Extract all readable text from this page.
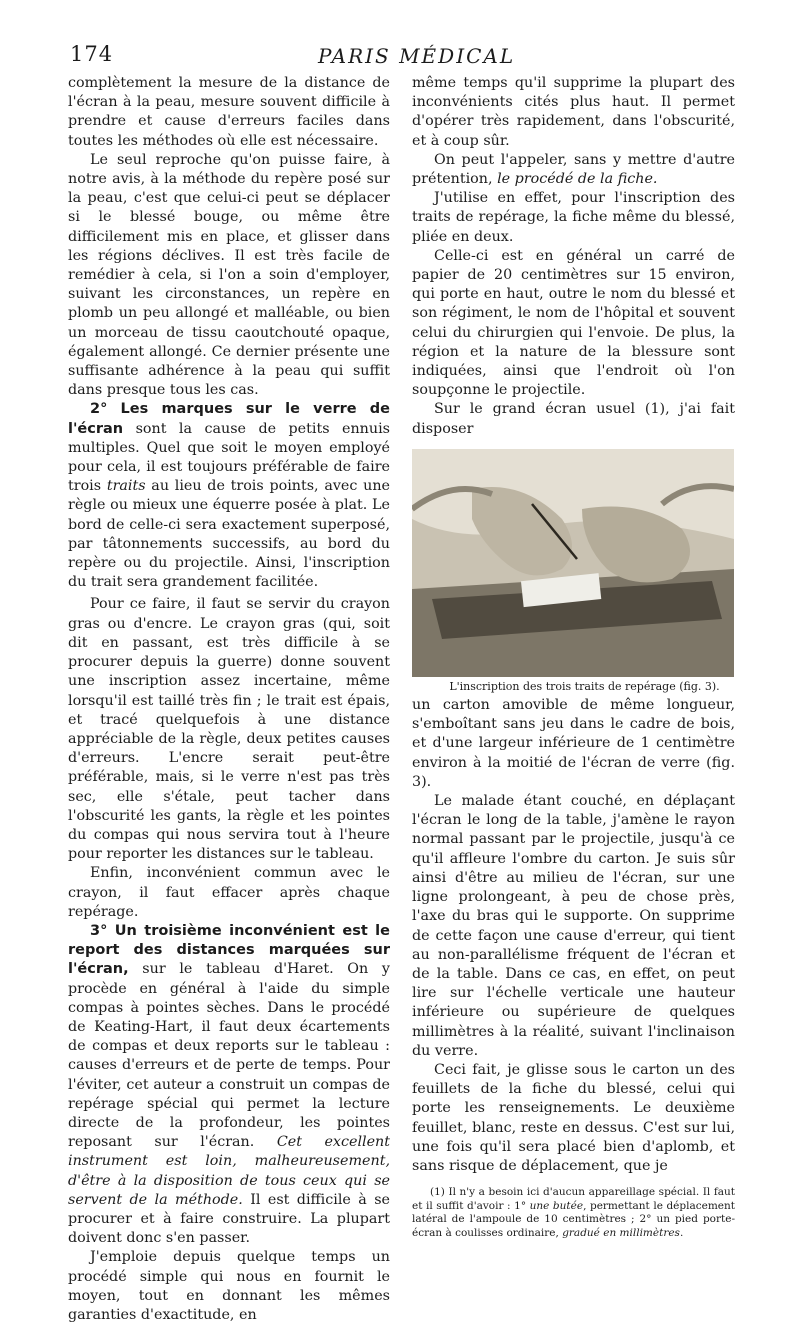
174	PARIS MÉDICAL

complètement la mesure de la distance de l'écran à la peau, mesure souvent difficile à prendre et cause d'erreurs faciles dans toutes les méthodes où elle est nécessaire.

Le seul reproche qu'on puisse faire, à notre avis, à la méthode du repère posé sur la peau, c'est que celui-ci peut se déplacer si le blessé bouge, ou même être difficilement mis en place, et glisser dans les régions déclives. Il est très facile de remédier à cela, si l'on a soin d'employer, suivant les circonstances, un repère en plomb un peu allongé et malléable, ou bien un morceau de tissu caoutchouté opaque, également allongé. Ce dernier présente une suffisante adhérence à la peau qui suffit dans presque tous les cas.

2° Les marques sur le verre de l'écran sont la cause de petits ennuis multiples. Quel que soit le moyen employé pour cela, il est toujours préférable de faire trois traits au lieu de trois points, avec une règle ou mieux une équerre posée à plat. Le bord de celle-ci sera exactement superposé, par tâtonnements successifs, au bord du repère ou du projectile. Ainsi, l'inscription du trait sera grandement facilitée.

Pour ce faire, il faut se servir du crayon gras ou d'encre. Le crayon gras (qui, soit dit en passant, est très difficile à se procurer depuis la guerre) donne souvent une inscription assez incertaine, même lorsqu'il est taillé très fin ; le trait est épais, et tracé quelquefois à une distance appréciable de la règle, deux petites causes d'erreurs. L'encre serait peut-être préférable, mais, si le verre n'est pas très sec, elle s'étale, peut tacher dans l'obscurité les gants, la règle et les pointes du compas qui nous servira tout à l'heure pour reporter les distances sur le tableau.

Enfin, inconvénient commun avec le crayon, il faut effacer après chaque repérage.

3° Un troisième inconvénient est le report des distances marquées sur l'écran, sur le tableau d'Haret. On y procède en général à l'aide du simple compas à pointes sèches. Dans le procédé de Keating-Hart, il faut deux écartements de compas et deux reports sur le tableau : causes d'erreurs et de perte de temps. Pour l'éviter, cet auteur a construit un compas de repérage spécial qui permet la lecture directe de la profondeur, les pointes reposant sur l'écran. Cet excellent instrument est loin, malheureusement, d'être à la disposition de tous ceux qui se servent de la méthode. Il est difficile à se procurer et à faire construire. La plupart doivent donc s'en passer.

J'emploie depuis quelque temps un procédé simple qui nous en fournit le moyen, tout en donnant les mêmes garanties d'exactitude, en

même temps qu'il supprime la plupart des inconvénients cités plus haut. Il permet d'opérer très rapidement, dans l'obscurité, et à coup sûr.

On peut l'appeler, sans y mettre d'autre prétention, le procédé de la fiche.

J'utilise en effet, pour l'inscription des traits de repérage, la fiche même du blessé, pliée en deux.

Celle-ci est en général un carré de papier de 20 centimètres sur 15 environ, qui porte en haut, outre le nom du blessé et son régiment, le nom de l'hôpital et souvent celui du chirurgien qui l'envoie. De plus, la région et la nature de la blessure sont indiquées, ainsi que l'endroit où l'on soupçonne le projectile.

Sur le grand écran usuel (1), j'ai fait disposer

L'inscription des trois traits de repérage (fig. 3).

un carton amovible de même longueur, s'emboîtant sans jeu dans le cadre de bois, et d'une largeur inférieure de 1 centimètre environ à la moitié de l'écran de verre (fig. 3).

Le malade étant couché, en déplaçant l'écran le long de la table, j'amène le rayon normal passant par le projectile, jusqu'à ce qu'il affleure l'ombre du carton. Je suis sûr ainsi d'être au milieu de l'écran, sur une ligne prolongeant, à peu de chose près, l'axe du bras qui le supporte. On supprime de cette façon une cause d'erreur, qui tient au non-parallélisme fréquent de l'écran et de la table. Dans ce cas, en effet, on peut lire sur l'échelle verticale une hauteur inférieure ou supérieure de quelques millimètres à la réalité, suivant l'inclinaison du verre.

Ceci fait, je glisse sous le carton un des feuillets de la fiche du blessé, celui qui porte les renseignements. Le deuxième feuillet, blanc, reste en dessus. C'est sur lui, une fois qu'il sera placé bien d'aplomb, et sans risque de déplacement, que je

(1) Il n'y a besoin ici d'aucun appareillage spécial. Il faut et il suffit d'avoir : 1° une butée, permettant le déplacement latéral de l'ampoule de 10 centimètres ; 2° un pied porte-écran à coulisses ordinaire, gradué en millimètres.
